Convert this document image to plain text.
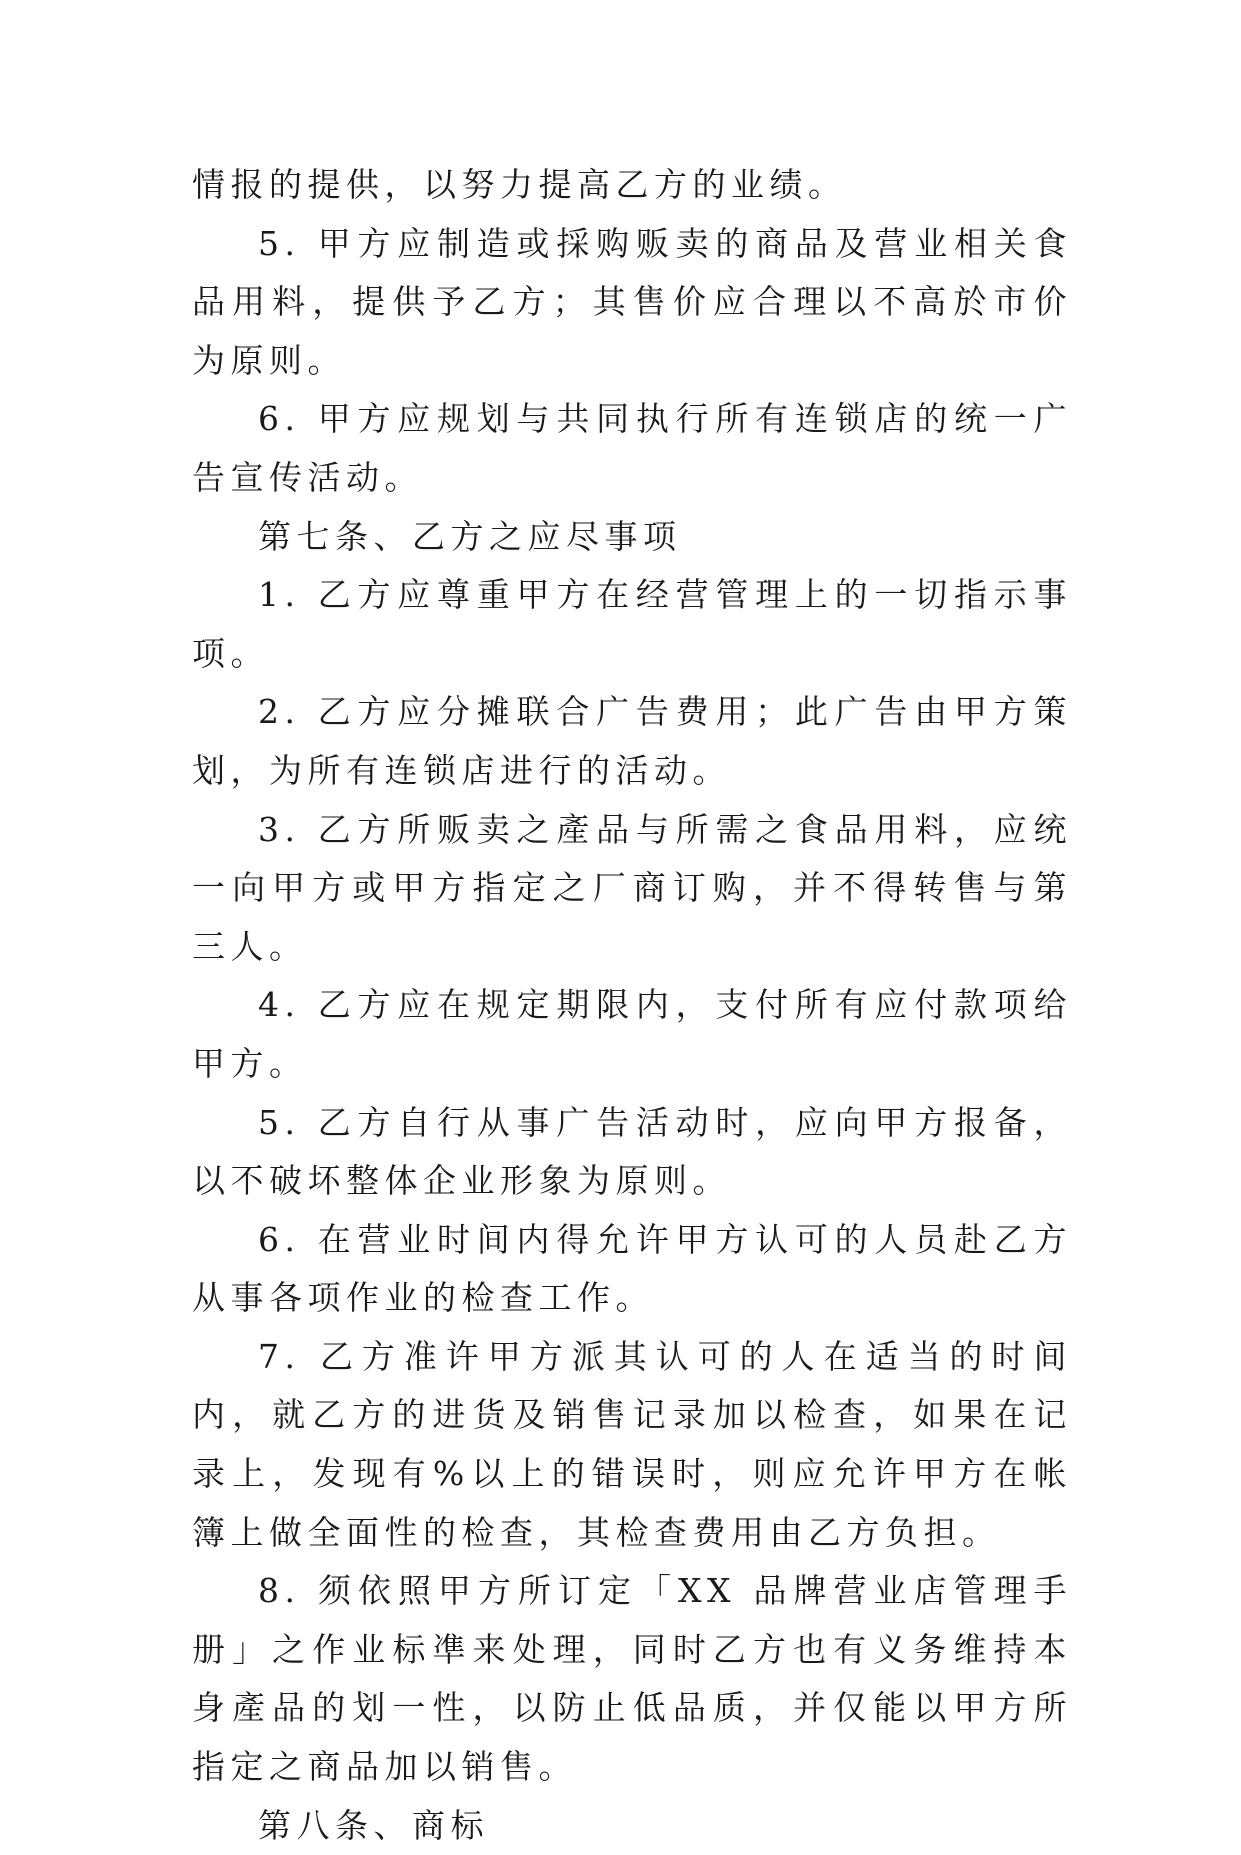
情报的提供，以努力提高乙方的业绩。

5. 甲方应制造或採购贩卖的商品及营业相关食品用料，提供予乙方；其售价应合理以不高於市价为原则。

6. 甲方应规划与共同执行所有连锁店的统一广告宣传活动。

第七条、乙方之应尽事项

1. 乙方应尊重甲方在经营管理上的一切指示事项。

2. 乙方应分摊联合广告费用；此广告由甲方策划，为所有连锁店进行的活动。

3. 乙方所贩卖之產品与所需之食品用料，应统一向甲方或甲方指定之厂商订购，并不得转售与第三人。

4. 乙方应在规定期限内，支付所有应付款项给甲方。

5. 乙方自行从事广告活动时，应向甲方报备，以不破坏整体企业形象为原则。

6. 在营业时间内得允许甲方认可的人员赴乙方从事各项作业的检查工作。

7. 乙方准许甲方派其认可的人在适当的时间内，就乙方的进货及销售记录加以检查，如果在记录上，发现有%以上的错误时，则应允许甲方在帐簿上做全面性的检查，其检查费用由乙方负担。

8. 须依照甲方所订定「XX 品牌营业店管理手册」之作业标凖来处理，同时乙方也有义务维持本身產品的划一性，以防止低品质，并仅能以甲方所指定之商品加以销售。

第八条、商标
